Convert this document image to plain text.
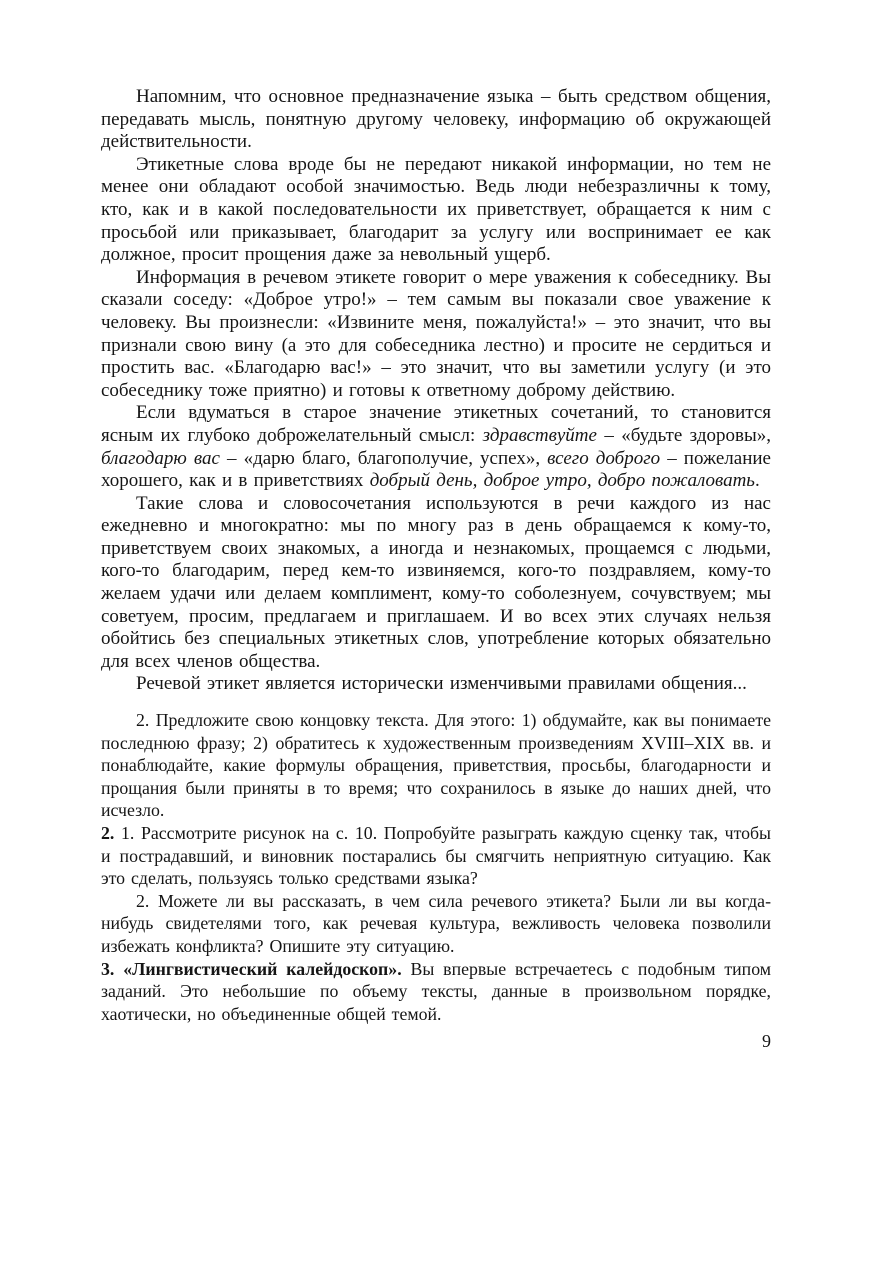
Напомним, что основное предназначение языка – быть средством общения, передавать мысль, понятную другому человеку, информацию об окружающей действительности.

Этикетные слова вроде бы не передают никакой информации, но тем не менее они обладают особой значимостью. Ведь люди небезразличны к тому, кто, как и в какой последовательности их приветствует, обращается к ним с просьбой или приказывает, благодарит за услугу или воспринимает ее как должное, просит прощения даже за невольный ущерб.

Информация в речевом этикете говорит о мере уважения к собеседнику. Вы сказали соседу: «Доброе утро!» – тем самым вы показали свое уважение к человеку. Вы произнесли: «Извините меня, пожалуйста!» – это значит, что вы признали свою вину (а это для собеседника лестно) и просите не сердиться и простить вас. «Благодарю вас!» – это значит, что вы заметили услугу (и это собеседнику тоже приятно) и готовы к ответному доброму действию.

Если вдуматься в старое значение этикетных сочетаний, то становится ясным их глубоко доброжелательный смысл: здравствуйте – «будьте здоровы», благодарю вас – «дарю благо, благополучие, успех», всего доброго – пожелание хорошего, как и в приветствиях добрый день, доброе утро, добро пожаловать.

Такие слова и словосочетания используются в речи каждого из нас ежедневно и многократно: мы по многу раз в день обращаемся к кому-то, приветствуем своих знакомых, а иногда и незнакомых, прощаемся с людьми, кого-то благодарим, перед кем-то извиняемся, кого-то поздравляем, кому-то желаем удачи или делаем комплимент, кому-то соболезнуем, сочувствуем; мы советуем, просим, предлагаем и приглашаем. И во всех этих случаях нельзя обойтись без специальных этикетных слов, употребление которых обязательно для всех членов общества.

Речевой этикет является исторически изменчивыми правилами общения...

2. Предложите свою концовку текста. Для этого: 1) обдумайте, как вы понимаете последнюю фразу; 2) обратитесь к художественным произведениям XVIII–XIX вв. и понаблюдайте, какие формулы обращения, приветствия, просьбы, благодарности и прощания были приняты в то время; что сохранилось в языке до наших дней, что исчезло.

2. 1. Рассмотрите рисунок на с. 10. Попробуйте разыграть каждую сценку так, чтобы и пострадавший, и виновник постарались бы смягчить неприятную ситуацию. Как это сделать, пользуясь только средствами языка?

2. Можете ли вы рассказать, в чем сила речевого этикета? Были ли вы когда-нибудь свидетелями того, как речевая культура, вежливость человека позволили избежать конфликта? Опишите эту ситуацию.

3. «Лингвистический калейдоскоп». Вы впервые встречаетесь с подобным типом заданий. Это небольшие по объему тексты, данные в произвольном порядке, хаотически, но объединенные общей темой.

9
